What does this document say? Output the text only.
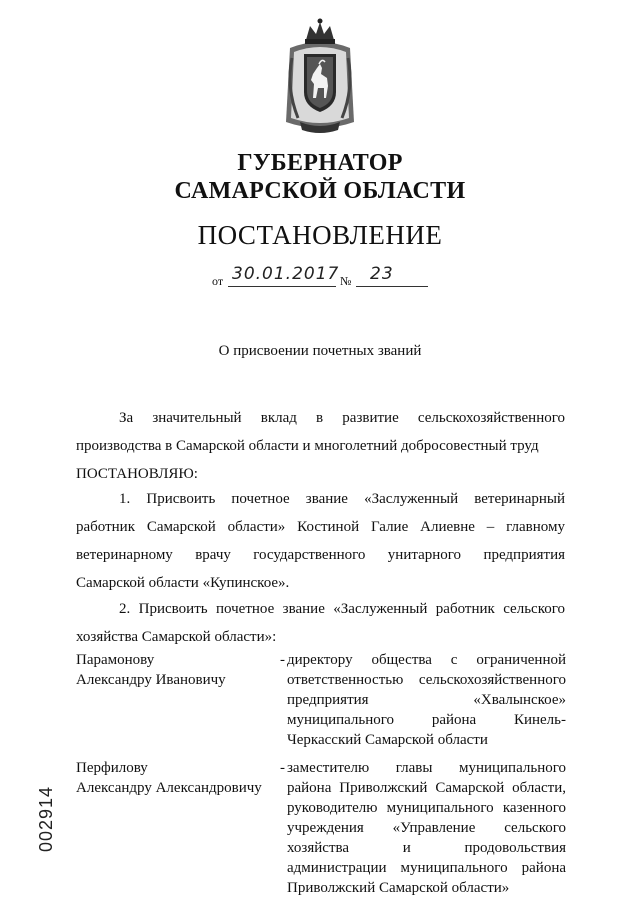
ГУБЕРНАТОР
САМАРСКОЙ ОБЛАСТИ
ПОСТАНОВЛЕНИЕ
от 30.01.2017 № 23
О присвоении почетных званий
За значительный вклад в развитие сельскохозяйственного
производства в Самарской области и многолетний добросовестный труд
ПОСТАНОВЛЯЮ:
1. Присвоить почетное звание «Заслуженный ветеринарный
работник Самарской области» Костиной Галие Алиевне – главному
ветеринарному врачу государственного унитарного предприятия
Самарской области «Купинское».
2. Присвоить почетное звание «Заслуженный работник сельского
хозяйства Самарской области»:
Парамонову
Александру Ивановичу
- директору общества с ограниченной ответственностью сельскохозяйственного предприятия «Хвалынское» муниципального района Кинель-Черкасский Самарской области
Перфилову
Александру Александровичу
- заместителю главы муниципального района Приволжский Самарской области, руководителю муниципального казенного учреждения «Управление сельского хозяйства и продовольствия администрации муниципального района Приволжский Самарской области»
002914
